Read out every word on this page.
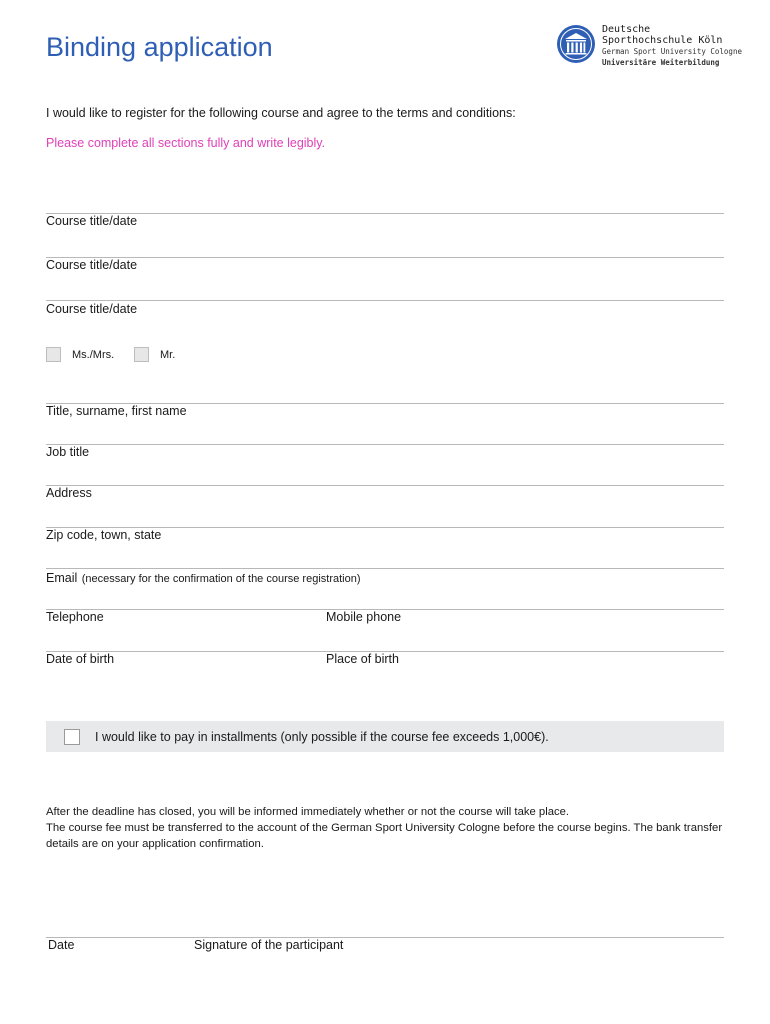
Binding application
Deutsche
Sporthochschule Köln
German Sport University Cologne
Universitäre Weiterbildung
I would like to register for the following course and agree to the terms and conditions:
Please complete all sections fully and write legibly.
Course title/date
Course title/date
Course title/date
Ms./Mrs.	Mr.
Title, surname, first name
Job title
Address
Zip code, town, state
Email (necessary for the confirmation of the course registration)
Telephone	Mobile phone
Date of birth	Place of birth
I would like to pay in installments (only possible if the course fee exceeds 1,000€).
After the deadline has closed, you will be informed immediately whether or not the course will take place.
The course fee must be transferred to the account of the German Sport University Cologne before the course begins. The bank transfer details are on your application confirmation.
Date	Signature of the participant
